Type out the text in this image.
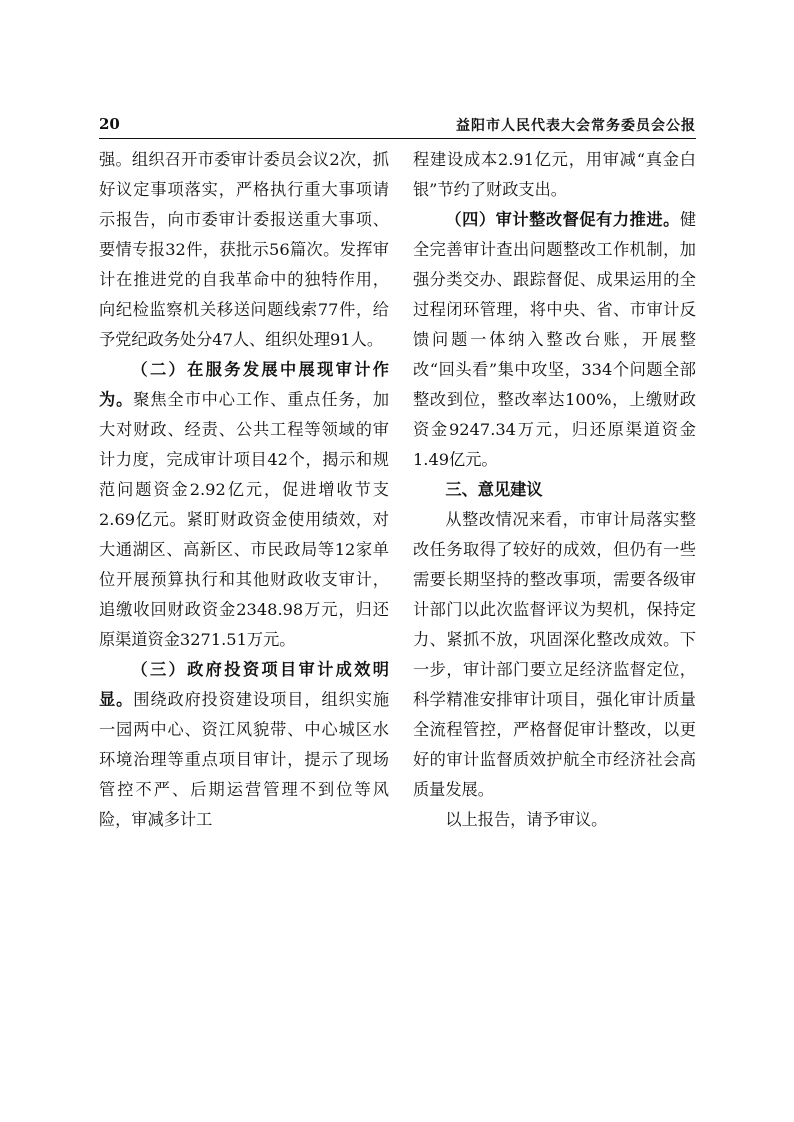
20	益阳市人民代表大会常务委员会公报

强。组织召开市委审计委员会议2次，抓好议定事项落实，严格执行重大事项请示报告，向市委审计委报送重大事项、要情专报32件，获批示56篇次。发挥审计在推进党的自我革命中的独特作用，向纪检监察机关移送问题线索77件，给予党纪政务处分47人、组织处理91人。

（二）在服务发展中展现审计作为。聚焦全市中心工作、重点任务，加大对财政、经责、公共工程等领域的审计力度，完成审计项目42个，揭示和规范问题资金2.92亿元，促进增收节支2.69亿元。紧盯财政资金使用绩效，对大通湖区、高新区、市民政局等12家单位开展预算执行和其他财政收支审计，追缴收回财政资金2348.98万元，归还原渠道资金3271.51万元。

（三）政府投资项目审计成效明显。围绕政府投资建设项目，组织实施一园两中心、资江风貌带、中心城区水环境治理等重点项目审计，提示了现场管控不严、后期运营管理不到位等风险，审减多计工

程建设成本2.91亿元，用审减“真金白银”节约了财政支出。

（四）审计整改督促有力推进。健全完善审计查出问题整改工作机制，加强分类交办、跟踪督促、成果运用的全过程闭环管理，将中央、省、市审计反馈问题一体纳入整改台账，开展整改“回头看”集中攻坚，334个问题全部整改到位，整改率达100%，上缴财政资金9247.34万元，归还原渠道资金1.49亿元。

三、意见建议

从整改情况来看，市审计局落实整改任务取得了较好的成效，但仍有一些需要长期坚持的整改事项，需要各级审计部门以此次监督评议为契机，保持定力、紧抓不放，巩固深化整改成效。下一步，审计部门要立足经济监督定位，科学精准安排审计项目，强化审计质量全流程管控，严格督促审计整改，以更好的审计监督质效护航全市经济社会高质量发展。

以上报告，请予审议。
